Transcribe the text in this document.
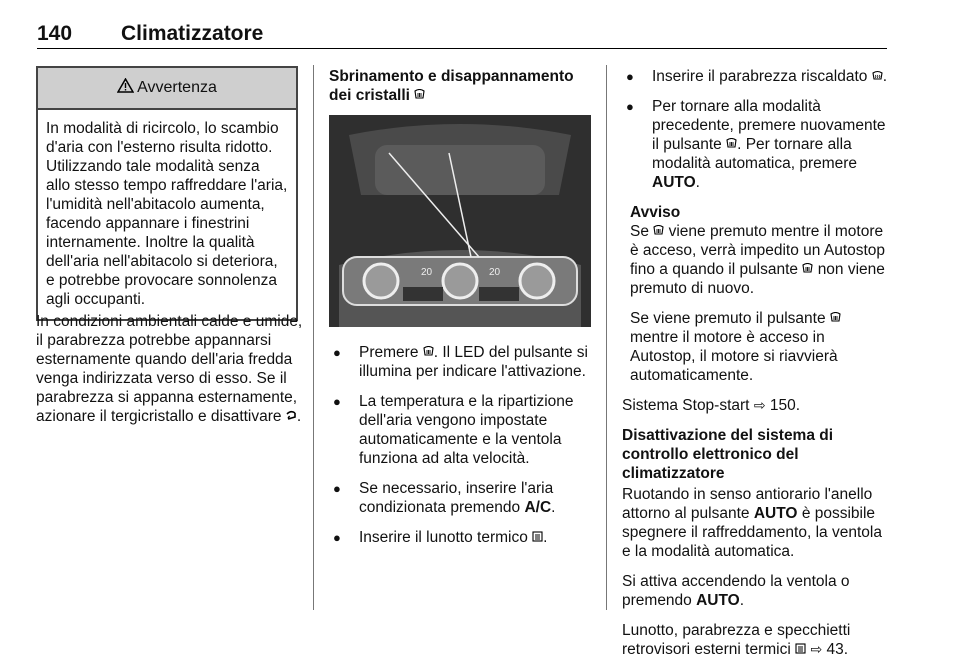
140 Climatizzatore
Avvertenza
In modalità di ricircolo, lo scambio d'aria con l'esterno risulta ridotto. Utilizzando tale modalità senza allo stesso tempo raffreddare l'aria, l'umidità nell'abitacolo aumenta, facendo appannare i finestrini internamente. Inoltre la qualità dell'aria nell'abitacolo si deteriora, e potrebbe provocare sonnolenza agli occupanti.

In condizioni ambientali calde e umide, il parabrezza potrebbe appannarsi esternamente quando dell'aria fredda venga indirizzata verso di esso. Se il parabrezza si appanna esternamente, azionare il tergicristallo e disattivare .

Sbrinamento e disappannamento dei cristalli
20	20
● Premere . Il LED del pulsante si illumina per indicare l'attivazione.
● La temperatura e la ripartizione dell'aria vengono impostate automaticamente e la ventola funziona ad alta velocità.
● Se necessario, inserire l'aria condizionata premendo A/C.
● Inserire il lunotto termico .
● Inserire il parabrezza riscaldato .
● Per tornare alla modalità precedente, premere nuovamente il pulsante . Per tornare alla modalità automatica, premere AUTO.
Avviso

Se viene premuto mentre il motore è acceso, verrà impedito un Autostop fino a quando il pulsante non viene premuto di nuovo.

Se viene premuto il pulsante  mentre il motore è acceso in Autostop, il motore si riavvierà automaticamente.

Sistema Stop-start ⇨ 150.

Disattivazione del sistema di controllo elettronico del climatizzatore

Ruotando in senso antiorario l'anello attorno al pulsante AUTO è possibile spegnere il raffreddamento, la ventola e la modalità automatica.

Si attiva accendendo la ventola o premendo AUTO.

Lunotto, parabrezza e specchietti retrovisori esterni termici ⇨ 43.
